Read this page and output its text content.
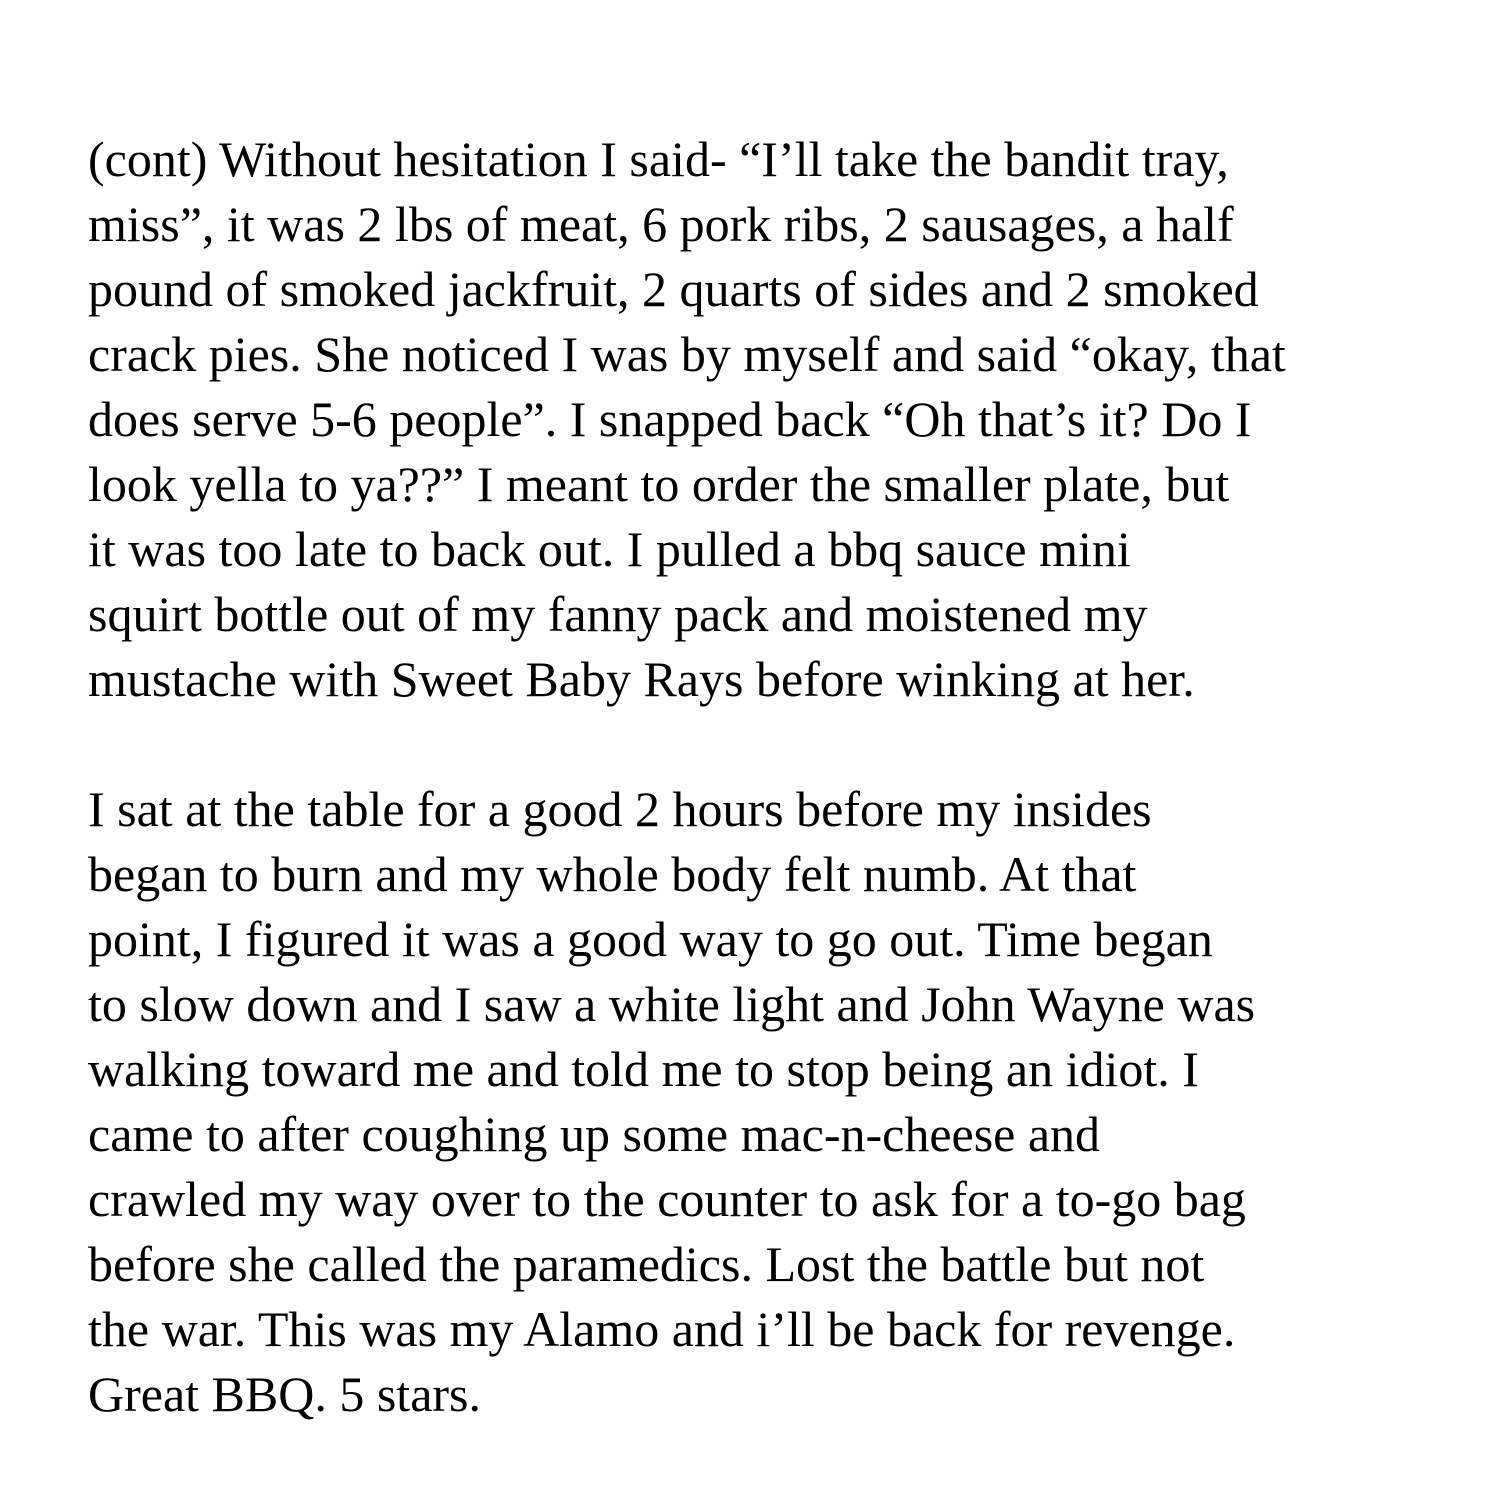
(cont) Without hesitation I said- “I’ll take the bandit tray,
miss”, it was 2 lbs of meat, 6 pork ribs, 2 sausages, a half
pound of smoked jackfruit, 2 quarts of sides and 2 smoked
crack pies. She noticed I was by myself and said “okay, that
does serve 5-6 people”. I snapped back “Oh that’s it? Do I
look yella to ya??” I meant to order the smaller plate, but
it was too late to back out. I pulled a bbq sauce mini
squirt bottle out of my fanny pack and moistened my
mustache with Sweet Baby Rays before winking at her.

I sat at the table for a good 2 hours before my insides
began to burn and my whole body felt numb. At that
point, I figured it was a good way to go out. Time began
to slow down and I saw a white light and John Wayne was
walking toward me and told me to stop being an idiot. I
came to after coughing up some mac-n-cheese and
crawled my way over to the counter to ask for a to-go bag
before she called the paramedics. Lost the battle but not
the war. This was my Alamo and i’ll be back for revenge.
Great BBQ. 5 stars.
